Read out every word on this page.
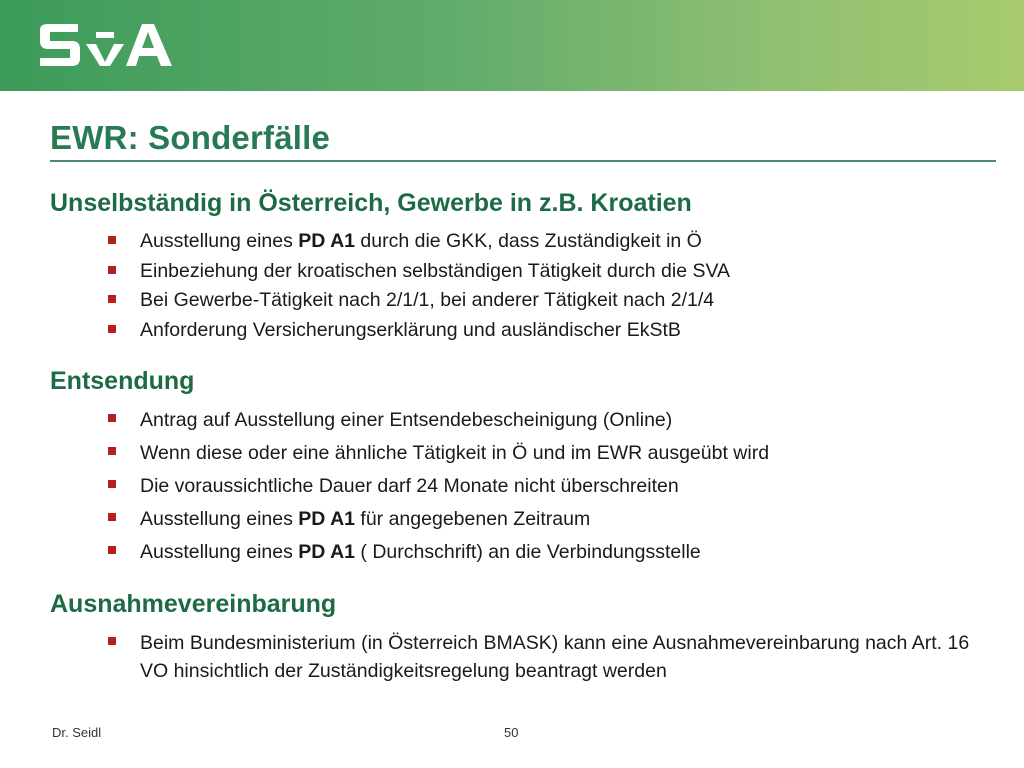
EWR: Sonderfälle
Unselbständig in Österreich, Gewerbe in z.B. Kroatien
Ausstellung eines PD A1 durch die GKK, dass Zuständigkeit in Ö
Einbeziehung der kroatischen selbständigen Tätigkeit durch die SVA
Bei Gewerbe-Tätigkeit nach 2/1/1, bei anderer Tätigkeit nach 2/1/4
Anforderung Versicherungserklärung und ausländischer EkStB
Entsendung
Antrag auf Ausstellung einer Entsendebescheinigung (Online)
Wenn diese oder eine ähnliche Tätigkeit in Ö und im EWR ausgeübt wird
Die voraussichtliche Dauer darf 24 Monate nicht überschreiten
Ausstellung eines PD A1 für angegebenen Zeitraum
Ausstellung eines PD A1 ( Durchschrift) an die Verbindungsstelle
Ausnahmevereinbarung
Beim Bundesministerium (in Österreich BMASK) kann eine Ausnahmevereinbarung nach Art. 16 VO hinsichtlich der Zuständigkeitsregelung beantragt werden
Dr. Seidl	50
